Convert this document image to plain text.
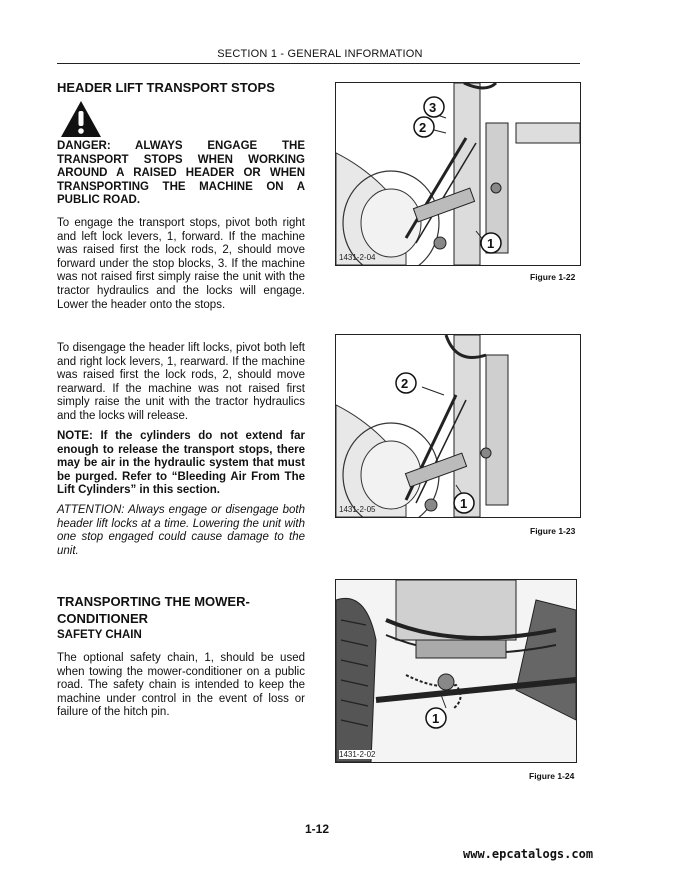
SECTION 1 - GENERAL INFORMATION
HEADER LIFT TRANSPORT STOPS

DANGER: ALWAYS ENGAGE THE TRANSPORT STOPS WHEN WORKING AROUND A RAISED HEADER OR WHEN TRANSPORTING THE MACHINE ON A PUBLIC ROAD.

To engage the transport stops, pivot both right and left lock levers, 1, forward. If the machine was raised first the lock rods, 2, should move forward under the stop blocks, 3. If the machine was not raised first simply raise the unit with the tractor hydraulics and the locks will engage. Lower the header onto the stops.

To disengage the header lift locks, pivot both left and right lock levers, 1, rearward. If the machine was raised first the lock rods, 2, should move rearward. If the machine was not raised first simply raise the unit with the tractor hydraulics and the locks will release.

NOTE: If the cylinders do not extend far enough to release the transport stops, there may be air in the hydraulic system that must be purged. Refer to “Bleeding Air From The Lift Cylinders” in this section.

ATTENTION: Always engage or disengage both header lift locks at a time. Lowering the unit with one stop engaged could cause damage to the unit.

TRANSPORTING THE MOWER-
CONDITIONER
SAFETY CHAIN

The optional safety chain, 1, should be used when towing the mower-conditioner on a public road. The safety chain is intended to keep the machine under control in the event of loss or failure of the hitch pin.

3
2
1
1431-2-04
Figure 1-22
2
1
1431-2-05
Figure 1-23
1
1431-2-02
Figure 1-24
1-12
www.epcatalogs.com
